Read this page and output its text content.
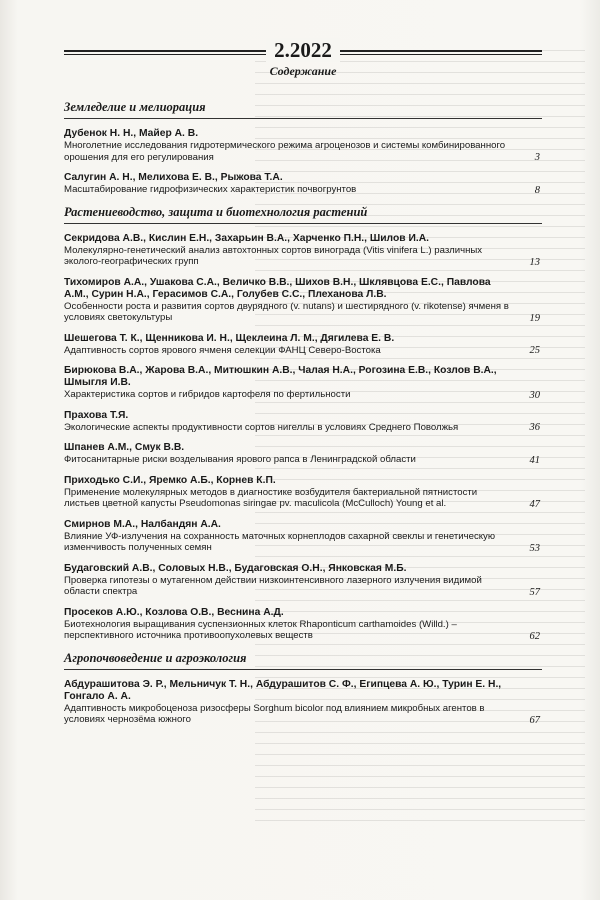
2.2022
Содержание
Земледелие и мелиорация
Дубенок Н. Н., Майер А. В.
Многолетние исследования гидротермического режима агроценозов и системы комбинированного орошения для его регулирования	3
Салугин А. Н., Мелихова Е. В., Рыжова Т.А.
Масштабирование гидрофизических характеристик почвогрунтов	8
Растениеводство, защита и биотехнология растений
Секридова А.В., Кислин Е.Н., Захарьин В.А., Харченко П.Н., Шилов И.А.
Молекулярно-генетический анализ автохтонных сортов винограда (Vitis vinifera L.) различных эколого-географических групп	13
Тихомиров А.А., Ушакова С.А., Величко В.В., Шихов В.Н., Шклявцова Е.С., Павлова А.М., Сурин Н.А., Герасимов С.А., Голубев С.С., Плеханова Л.В.
Особенности роста и развития сортов двурядного (v. nutans) и шестирядного (v. rikotense) ячменя в условиях светокультуры	19
Шешегова Т. К., Щенникова И. Н., Щеклеина Л. М., Дягилева Е. В.
Адаптивность сортов ярового ячменя селекции ФАНЦ Северо-Востока	25
Бирюкова В.А., Жарова В.А., Митюшкин А.В., Чалая Н.А., Рогозина Е.В., Козлов В.А., Шмыгля И.В.
Характеристика сортов и гибридов картофеля по фертильности	30
Прахова Т.Я.
Экологические аспекты продуктивности сортов нигеллы в условиях Среднего Поволжья	36
Шпанев А.М., Смук В.В.
Фитосанитарные риски возделывания ярового рапса в Ленинградской области	41
Приходько С.И., Яремко А.Б., Корнев К.П.
Применение молекулярных методов в диагностике возбудителя бактериальной пятнистости листьев цветной капусты Pseudomonas siringae pv. maculicola (McCulloch) Young et al.	47
Смирнов М.А., Налбандян А.А.
Влияние УФ-излучения на сохранность маточных корнеплодов сахарной свеклы и генетическую изменчивость полученных семян	53
Будаговский А.В., Соловых Н.В., Будаговская О.Н., Янковская М.Б.
Проверка гипотезы о мутагенном действии низкоинтенсивного лазерного излучения видимой области спектра	57
Просеков А.Ю., Козлова О.В., Веснина А.Д.
Биотехнология выращивания суспензионных клеток Rhaponticum carthamoides (Willd.) – перспективного источника противоопухолевых веществ	62
Агропочвоведение и агроэкология
Абдурашитова Э. Р., Мельничук Т. Н., Абдурашитов С. Ф., Египцева А. Ю., Турин Е. Н., Гонгало А. А.
Адаптивность микробоценоза ризосферы Sorghum bicolor под влиянием микробных агентов в условиях чернозёма южного	67
